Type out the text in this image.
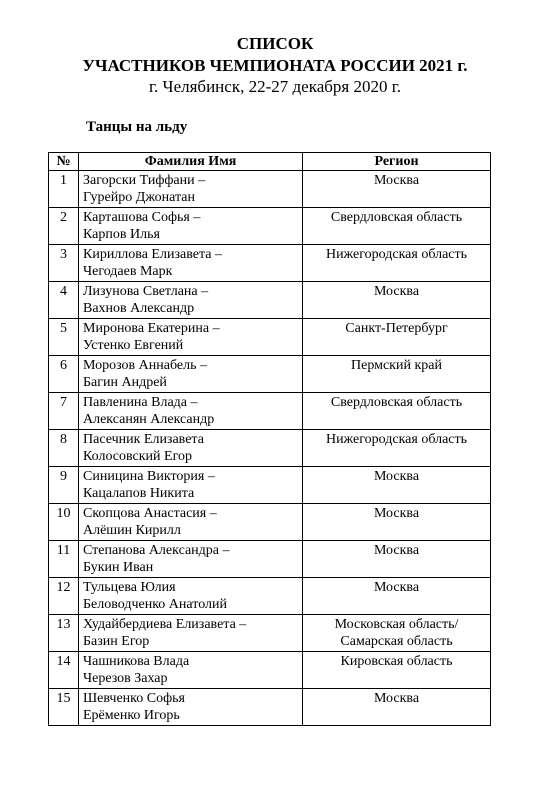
СПИСОК
УЧАСТНИКОВ ЧЕМПИОНАТА РОССИИ 2021 г.
г. Челябинск, 22-27 декабря 2020 г.
Танцы на льду
№	Фамилия Имя	Регион
1	Загорски Тиффани –
Гурейро Джонатан	Москва

2	Карташова Софья –
Карпов Илья	Свердловская область

3	Кириллова Елизавета –
Чегодаев Марк	Нижегородская область

4	Лизунова Светлана –
Вахнов Александр	Москва

5	Миронова Екатерина –
Устенко Евгений	Санкт-Петербург

6	Морозов Аннабель –
Багин Андрей	Пермский край

7	Павленина Влада –
Алексанян Александр	Свердловская область

8	Пасечник Елизавета
Колосовский Егор	Нижегородская область

9	Синицина Виктория –
Кацалапов Никита	Москва

10	Скопцова Анастасия –
Алёшин Кирилл	Москва

11	Степанова Александра –
Букин Иван	Москва

12	Тульцева Юлия
Беловодченко Анатолий	Москва

13	Худайбердиева Елизавета –
Базин Егор	Московская область/
Самарская область

14	Чашникова Влада
Черезов Захар	Кировская область

15	Шевченко Софья
Ерёменко Игорь	Москва
